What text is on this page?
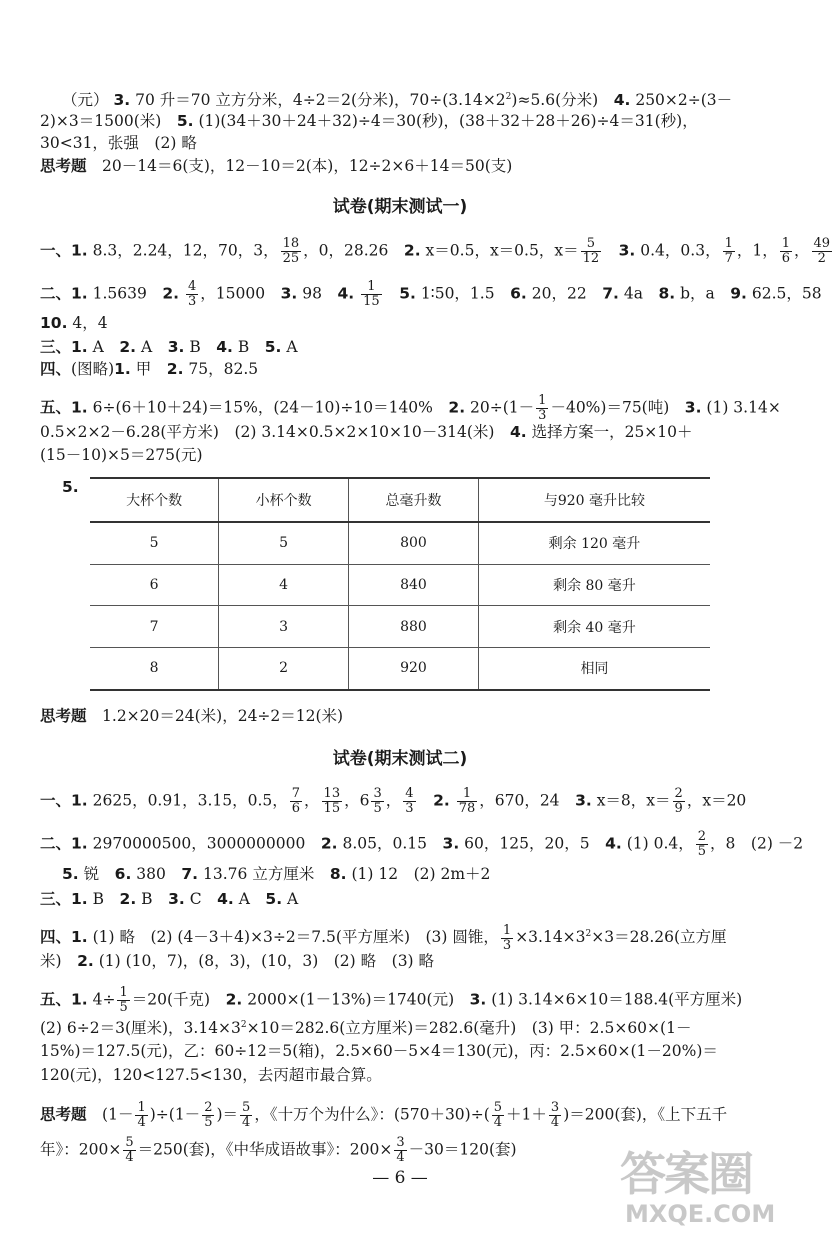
（元） 3. 70 升＝70 立方分米，4÷2＝2(分米)，$70\div(3.14\times 2^2)\approx 5.6$(分米)　 4. 250×2÷(3－
2)×3＝1500(米)　 5. (1)(34＋30＋24＋32)÷4＝30(秒)，(38＋32＋28＋26)÷4＝31(秒)，
30<31，张强　(2) 略
思考题　 20－14＝6(支)，12－10＝2(本)，12÷2×6＋14＝50(支)
试卷(期末测试一)
一、1. 8.3，2.24，12，70，3， $\frac{18}{25}$ ，0，28.26　 2. x＝0.5，x＝0.5，$x= \frac{5}{12}$
　 3. 0.4，0.3， $\frac{1}{7}$ ，1， $\frac{1}{6}$ ， $\frac{49}{2}$
二、1. 1.5639　 2. $\frac{4}{3}$ ，15000　 3. 98　 4. $\frac{1}{15}$
　 5. 1∶50，1.5　 6. 20，22　 7. 4a　 8. b，a　 9. 62.5，58
10. 4，4
三、1. A　 2. A　 3. B　 4. B　 5. A
四、(图略)1. 甲　 2. 75，82.5
五、1. 6÷(6＋10＋24)＝15%，(24－10)÷10＝140%　 2. $20\div(1- \frac{1}{3} -40\%)=75$(吨)　 3. (1) 3.14×
0.5×2×2－6.28(平方米)　(2) 3.14×0.5×2×10×10－314(米)　 4. 选择方案一，25×10＋
(15－10)×5＝275(元)
5.
大杯个数	小杯个数	总毫升数	与920 毫升比较
5	5	800	剩余 120 毫升
6	4	840	剩余 80 毫升
7	3	880	剩余 40 毫升
8	2	920	相同
思考题　 1.2×20＝24(米)，24÷2＝12(米)
试卷(期末测试二)
一、1. 2625，0.91，3.15，0.5， $\frac{7}{6}$ ， $\frac{13}{15}$ ，$6 \frac{3}{5}$ ， $\frac{4}{3}$
　 2. $\frac{1}{78}$ ，670，24　 3. x＝8，$x= \frac{2}{9}$ ，x＝20
二、1. 2970000500，3000000000　 2. 8.05，0.15　 3. 60，125，20，5　 4. (1) 0.4， $\frac{2}{5}$ ，8　(2) －2
5. 锐　 6. 380　 7. 13.76 立方厘米　 8. (1) 12　(2) 2m＋2
三、1. B　 2. B　 3. C　 4. A　 5. A
四、1. (1) 略　(2) (4－3＋4)×3÷2＝7.5(平方厘米)　(3) 圆锥， $\frac{1}{3} \times 3.14\times 3^2\times 3=28.26$(立方厘
米)　 2. (1) (10，7)，(8，3)，(10，3)　(2) 略　(3) 略
五、1. $4\div \frac{1}{5} =20$(千克)　 2. 2000×(1－13%)＝1740(元)　 3. (1) 3.14×6×10＝188.4(平方厘米)
(2) 6÷2＝3(厘米)，$3.14\times 3^2\times 10=282.6$(立方厘米)＝282.6(毫升)　(3) 甲：2.5×60×(1－
15%)＝127.5(元)，乙：60÷12＝5(箱)，2.5×60－5×4＝130(元)，丙：2.5×60×(1－20%)＝
120(元)，120<127.5<130，去丙超市最合算。
思考题　 $(1- \frac{1}{4} )\div(1- \frac{2}{5}$ )＝ $\frac{5}{4}$ ，《十万个为什么》：$(570+30)\div( \frac{5}{4} +1+ \frac{3}{4} )=200$(套)，《上下五千
年》：$200\times \frac{5}{4} =250$(套)，《中华成语故事》：$200\times \frac{3}{4} -30=120$(套)
— 6 —	答案圈
MXQE.COM
